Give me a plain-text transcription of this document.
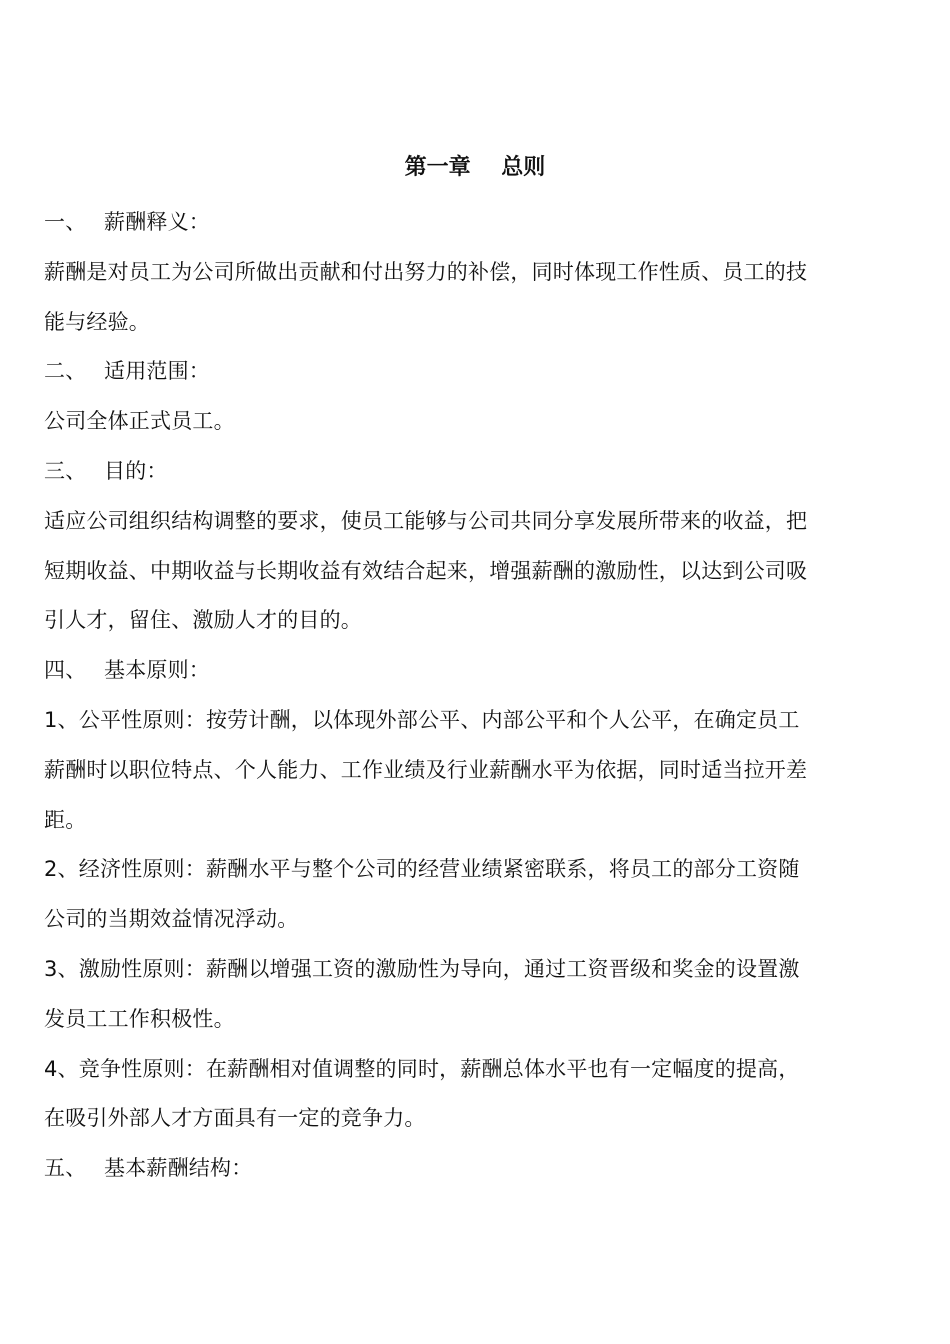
第一章    总则
一、 薪酬释义：
薪酬是对员工为公司所做出贡献和付出努力的补偿，同时体现工作性质、员工的技
能与经验。
二、 适用范围：
公司全体正式员工。
三、 目的：
适应公司组织结构调整的要求，使员工能够与公司共同分享发展所带来的收益，把
短期收益、中期收益与长期收益有效结合起来，增强薪酬的激励性，以达到公司吸
引人才，留住、激励人才的目的。
四、 基本原则：
1、公平性原则：按劳计酬，以体现外部公平、内部公平和个人公平，在确定员工
薪酬时以职位特点、个人能力、工作业绩及行业薪酬水平为依据，同时适当拉开差
距。
2、经济性原则：薪酬水平与整个公司的经营业绩紧密联系，将员工的部分工资随
公司的当期效益情况浮动。
3、激励性原则：薪酬以增强工资的激励性为导向，通过工资晋级和奖金的设置激
发员工工作积极性。
4、竞争性原则：在薪酬相对值调整的同时，薪酬总体水平也有一定幅度的提高，
在吸引外部人才方面具有一定的竞争力。
五、 基本薪酬结构：
